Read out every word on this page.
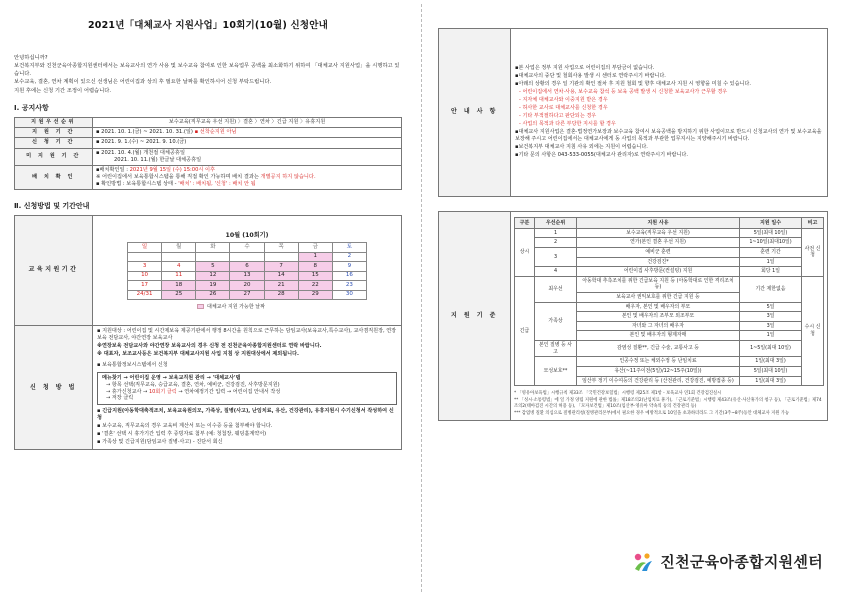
2021년「대체교사 지원사업」10회기(10월) 신청안내

안녕하십니까?

보건복지부와 진천군육아종합지원센터에서는 보육교사의 연가 사용 및 보수교육 참여로 인한 보육업무 공백을 최소화하기 위하여 「대체교사 지원사업」을 시행하고 있습니다.

보수교육, 결혼, 연차 계획이 있으신 선생님은 어린이집과 상의 후 필요한 날짜를 확인하시어 신청 부탁드립니다.

지원 후에는 신청 기간 조정이 어렵습니다.

Ⅰ. 공지사항
지원우선순위	보수교육(직무교육 우선 지원) 〉결혼 〉연차 〉긴급 지원 〉유휴지원
지 원 기 간	▪ 2021. 10. 1.(금) ~ 2021. 10. 31.(일) ▪ 선착순지원 아님
신 청 기 간	▪ 2021. 9. 1.(수) ~ 2021. 9. 10.(금)
미 지 원 기 간	▪ 2021. 10. 4.(월) 개천절 대체공휴일
2021. 10. 11.(월) 한글날 대체공휴일

배 치 확 인	▪배치확인일 : 2021년 9월 15일 (수) 15:00시 이후
※ 어린이집에서 보육통합시스템을 통해 직접 확인 가능하며 배치 결과는 개별공지 하지 않습니다.
▪ 확인방법 : 보육통합시스템 상태 - '배치' : 배치됨, '신청' : 배치 안 됨
Ⅱ. 신청방법 및 기간안내
교육지원기간	
10월 (10회기)
일	월	화	수	목	금	토
					1	2
3	4	5	6	7	8	9
10	11	12	13	14	15	16
17	18	19	20	21	22	23
24/31	25	26	27	28	29	30
대체교사 지원 가능한 날짜

신 청 방 법	
▪ 지원대상 : 어린이집 및 시간제보육 제공기관에서 행정 8시간을 원칙으로 근무하는 담임교사(보육교사,특수교사), 교사겸직원장, 연장보육 전담교사, 야간연장 보육교사
※연장보육 전담교사와 야간연장 보육교사의 경우 신청 전 진천군육아종합지원센터로 연락 바랍니다.
※ 대표자, 보조교사등은 보건복지부 대체교사지원 사업 지침 상 지원대상에서 제외됩니다.
▪ 보육통합정보시스템에서 신청
메뉴찾기 → 어린이집 운영 → 보육교직원 관리 → '대체교사'탭
→ 항목 선택(직무교육, 승급교육, 결혼, 연차, 예비군, 건강검진, 사후방문지원)
→ 휴가신청교사 → 10회기 클릭 → 연차예정기간 입력 → 어린이집 안내서 작성
→ 저장 클릭
▪ 긴급지원(아동학대축적조치, 보육교육원의모, 가족상, 질병(사고), 난임치료, 유산, 건강관리), 유휴지원시 수기신청서 작성하여 신청
▪ 보수교육, 직무교육의 경우 교육비 계산서 또는 이수증 등을 첨부해야 합니다.
▪ '결혼' 선택 시 휴가기간 입력 후 증빙자료 첨부 (예: 청첩장, 웨딩홀계약서)
▪ 가족상 및 긴급지원(담임교사 질병·사고) - 진단서 회신
안 내 사 항	
▪본 사업은 정부 지원 사업으로 어린이집의 부담금이 없습니다.
▪대체교사의 중단 및 철회사용 발생 시 센터로 연락주시기 바랍니다.
▪아래의 상황의 경우 일 기관의 확인 절차 후 지원 철회 및 향후 대체교사 지원 시 영향을 미칠 수 있습니다.
- 어린이집에서 연차·사용, 보수교육 참석 등 보육 공백 발생 시 신청한 보육교사가 근무할 경우
- 지자체 대체교사와 이중지원 받은 경우
- 허사한 교사로 대체교사를 신청한 경우
- 기타 부적절하다고 판단되는 경우
- 사업의 목적과 다른 부당한 지시를 할 경우
▪대체교사 지원사업은 결혼·법정연가보장과 보수교육 참여시 보육공백을 방지하기 위한 사업이므로 반드시 신청교사의 연가 및 보수교육을 보장해 주시고 어린이집에서는 대체교사에게 동 사업의 목적과 부관한 업무지시는 지양해주시기 바랍니다.
▪보건복지부 대체교사 지침 사유 외에는 지원이 어렵습니다.
▪기타 문의 사항은 043-533-0055(대체교사 관리자)로 연락주시기 바랍니다.
지 원 기 준	
구분	우선순위	지원 사유	지원 일수	비고
상시	1	보수교육(직무교육 우선 지원)	5일(최대 10일)	사전 신청
2	연가(본인 결혼 우선 지원)	1~10일(최대10일)
3	예비군 훈련	훈련 기간
건강검진*	1일
4	어린이집 사후방문(컨설팅) 지원	회당 1일
긴급	최우선	아동학대 추측조치를 위한 긴급보육 지원 등 (아동학대로 인한 격리조치 등)	기간 제한없음	수시 신청
보육교사 권익보호를 위한 긴급 지원 등
가족상	배우자, 본인 및 배우자의 부모	5일
본인 및 배우자의 조부모 외조부모	3일
자녀와 그 자녀의 배우자	3일
본인 및 배우자의 형제자매	1일
본인 질병 등 사고	감염성 질환**, 긴급 수술, 교통사고 등	1~5일(최대 10일)
모성보호**	인공수정 또는 체외수정 등 난임치료	1일(최대 3일)
유산(~11주이전(5일)/12~15주(10일))	5일(최대 10일)
임산부 정기 이수여등의 건강관리 등 (산전관리, 건강검진, 예방접종 등)	1일(최대 3일)

* 「영유아보육법」시행규칙 제33조 「국민건강보험법」시행령 제25조 제1항 - 보육교사 연1회 건강검진실시

** 「성시·소통령법」에 일 가정 양립 지원에 관한 법률」제18조의2(난임치료 휴가), 「근로기준법」시행령 제43조(유산·사산휴가의 청구 등), 「근로기준법」제74조의2(태아검진 시간의 허용 등), 「모자보건법」제10조(임산부·영유아 약속의 등의 건강관리 등)

*** 감염병 질환 의심으로 질병관리청(질병관리본부)에서 필요한 경우 예방적으로 10일을 초과하더라도 그 기간(3주~8주)동안 대체교사 지원 가능

진천군육아종합지원센터
